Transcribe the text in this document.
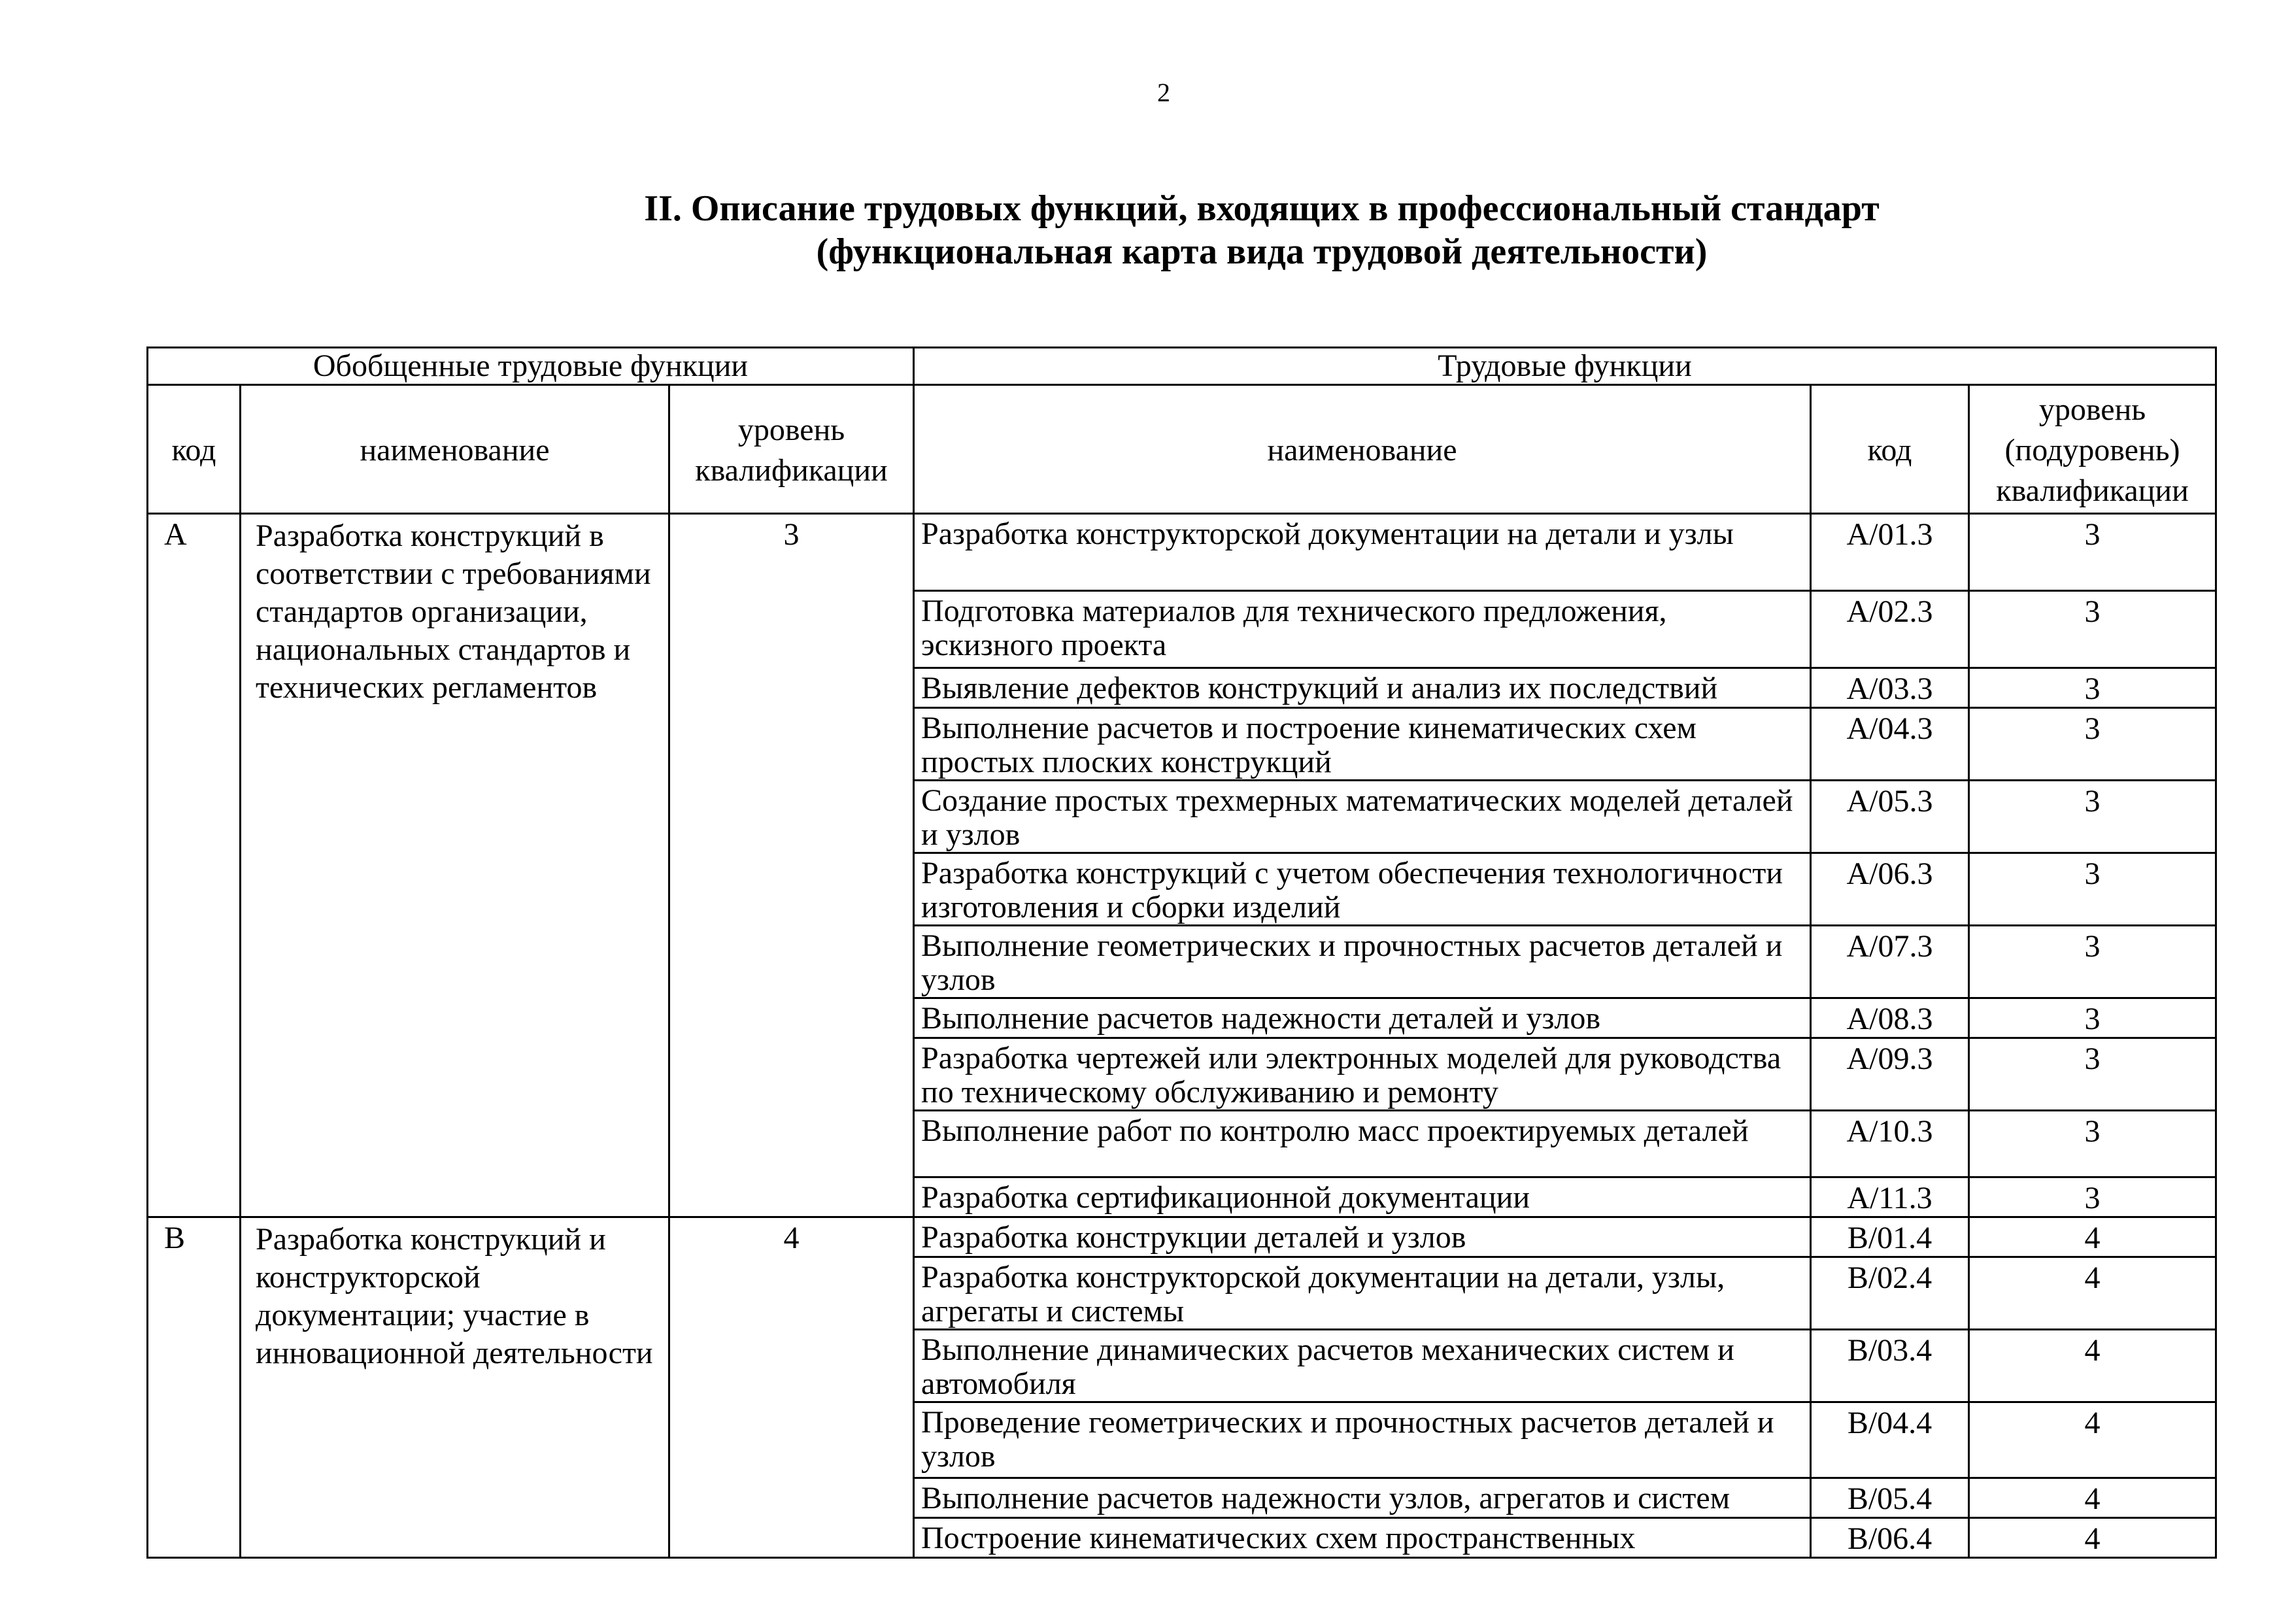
2
II. Описание трудовых функций, входящих в профессиональный стандарт
(функциональная карта вида трудовой деятельности)
Обобщенные трудовые функции			Трудовые функции		
код	наименование	уровень квалификации	наименование	код	уровень (подуровень) квалификации
A	Разработка конструкций в соответствии с требованиями стандартов организации, национальных стандартов и технических регламентов	3	Разработка конструкторской документации на детали и узлы	A/01.3	3
			Подготовка материалов для технического предложения, эскизного проекта	A/02.3	3
			Выявление дефектов конструкций и анализ их последствий	A/03.3	3
			Выполнение расчетов и построение кинематических схем простых плоских конструкций	A/04.3	3
			Создание простых трехмерных математических моделей деталей и узлов	A/05.3	3
			Разработка конструкций с учетом обеспечения технологичности изготовления и сборки изделий	A/06.3	3
			Выполнение геометрических и прочностных расчетов деталей и узлов	A/07.3	3
			Выполнение расчетов надежности деталей и узлов	A/08.3	3
			Разработка чертежей или электронных моделей для руководства по техническому обслуживанию и ремонту	A/09.3	3
			Выполнение работ по контролю масс проектируемых деталей	A/10.3	3
			Разработка сертификационной документации	A/11.3	3
B	Разработка конструкций и конструкторской документации; участие в инновационной деятельности	4	Разработка конструкции деталей и узлов	B/01.4	4
			Разработка конструкторской документации на детали, узлы, агрегаты и системы	B/02.4	4
			Выполнение динамических расчетов механических систем и автомобиля	B/03.4	4
			Проведение геометрических и прочностных расчетов деталей и узлов	B/04.4	4
			Выполнение расчетов надежности узлов, агрегатов и систем	B/05.4	4
			Построение кинематических схем пространственных	B/06.4	4
